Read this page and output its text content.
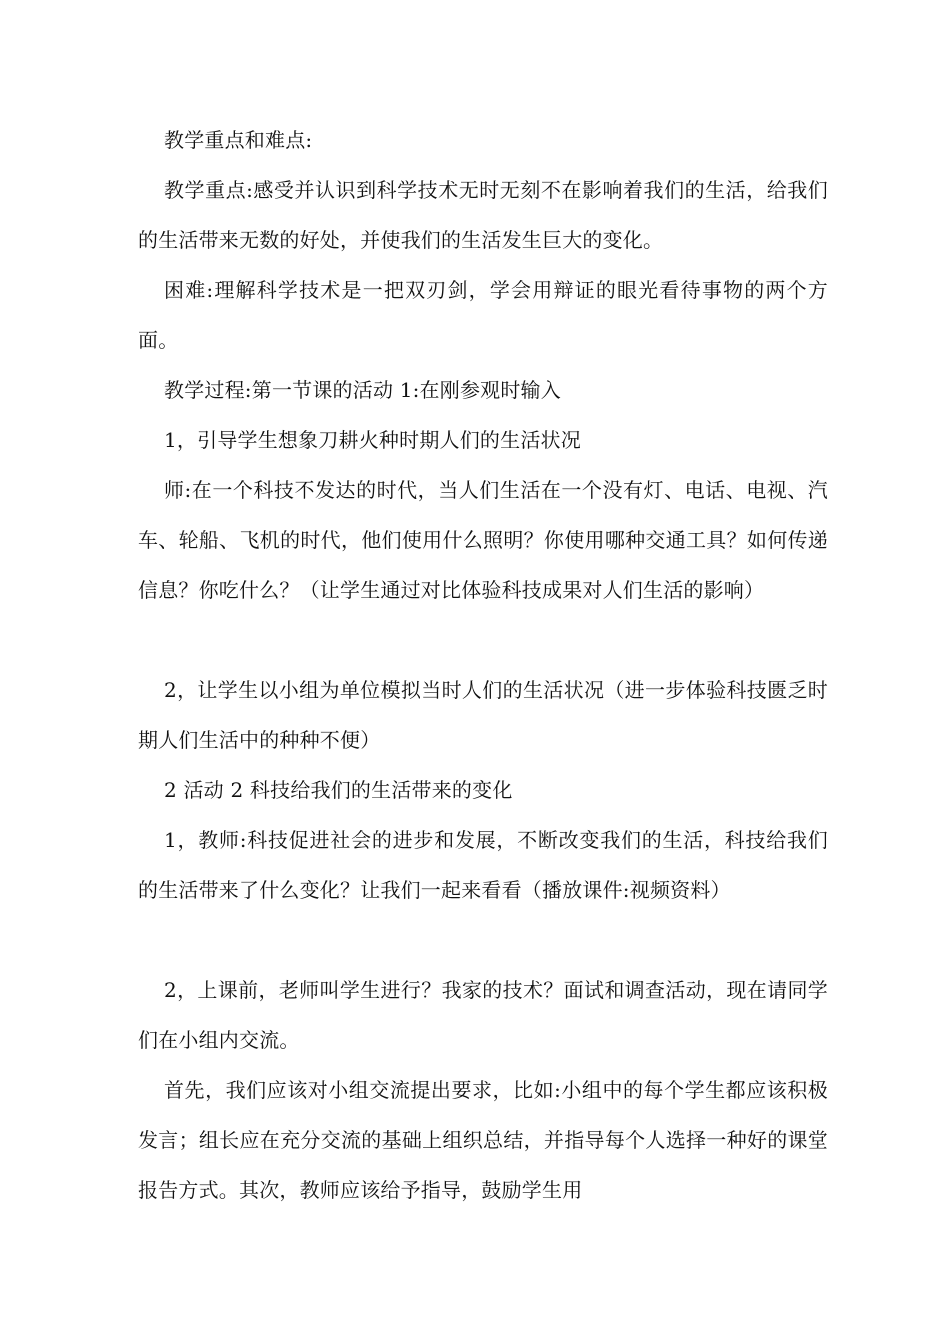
教学重点和难点:

教学重点:感受并认识到科学技术无时无刻不在影响着我们的生活，给我们的生活带来无数的好处，并使我们的生活发生巨大的变化。

困难:理解科学技术是一把双刃剑，学会用辩证的眼光看待事物的两个方面。

教学过程:第一节课的活动 1:在刚参观时输入

1，引导学生想象刀耕火种时期人们的生活状况

师:在一个科技不发达的时代，当人们生活在一个没有灯、电话、电视、汽车、轮船、飞机的时代，他们使用什么照明？你使用哪种交通工具？如何传递信息？你吃什么？（让学生通过对比体验科技成果对人们生活的影响）

2，让学生以小组为单位模拟当时人们的生活状况（进一步体验科技匮乏时期人们生活中的种种不便）

2 活动 2 科技给我们的生活带来的变化

1，教师:科技促进社会的进步和发展，不断改变我们的生活，科技给我们的生活带来了什么变化？让我们一起来看看（播放课件:视频资料）

2，上课前，老师叫学生进行？我家的技术？面试和调查活动，现在请同学们在小组内交流。

首先，我们应该对小组交流提出要求，比如:小组中的每个学生都应该积极发言；组长应在充分交流的基础上组织总结，并指导每个人选择一种好的课堂报告方式。其次，教师应该给予指导，鼓励学生用
